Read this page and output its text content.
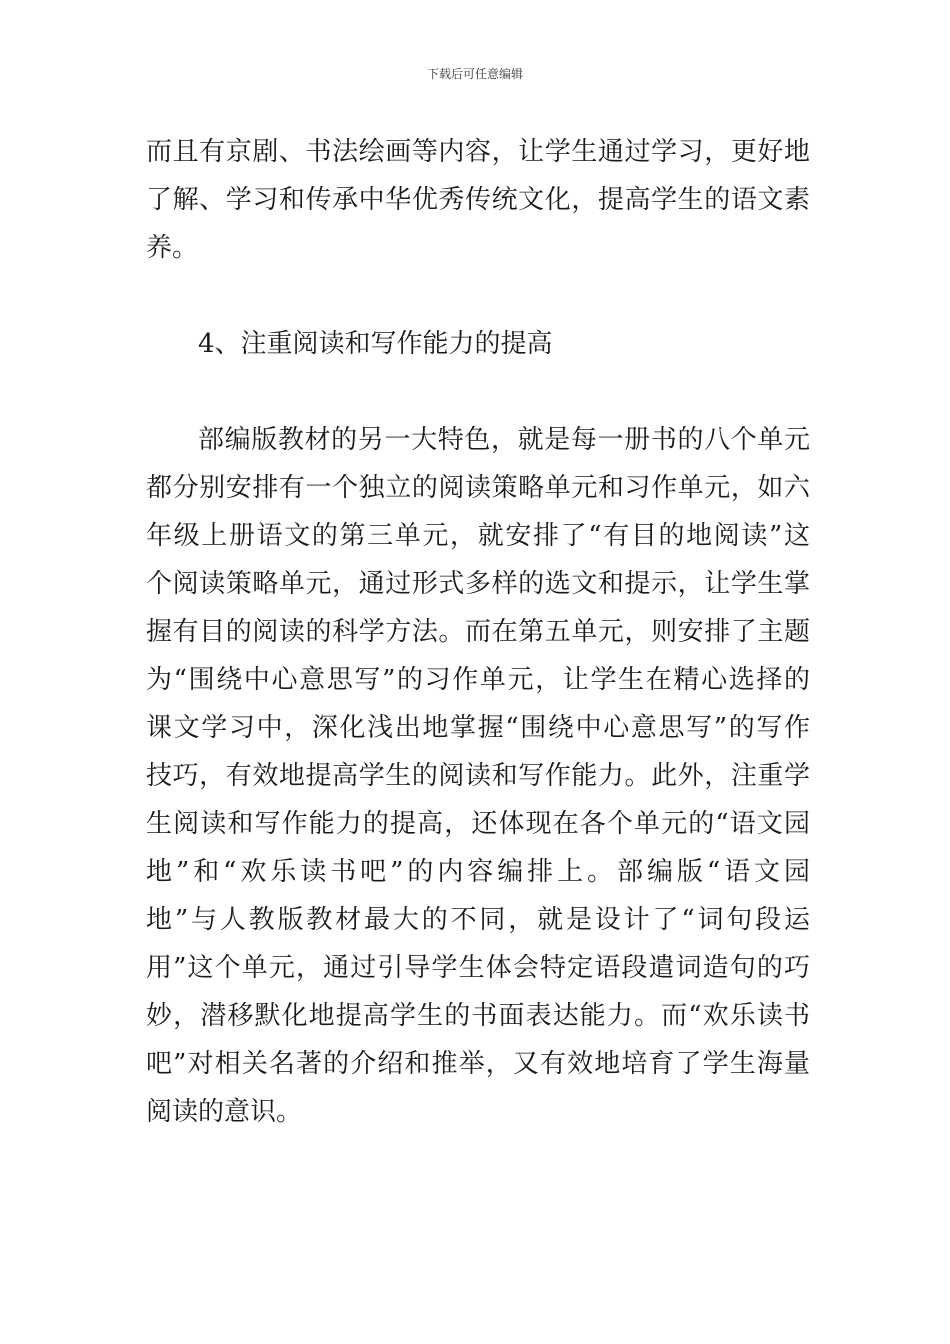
下载后可任意编辑
而且有京剧、书法绘画等内容，让学生通过学习，更好地
了解、学习和传承中华优秀传统文化，提高学生的语文素
养。
4、注重阅读和写作能力的提高
部编版教材的另一大特色，就是每一册书的八个单元
都分别安排有一个独立的阅读策略单元和习作单元，如六
年级上册语文的第三单元，就安排了“有目的地阅读”这
个阅读策略单元，通过形式多样的选文和提示，让学生掌
握有目的阅读的科学方法。而在第五单元，则安排了主题
为“围绕中心意思写”的习作单元，让学生在精心选择的
课文学习中，深化浅出地掌握“围绕中心意思写”的写作
技巧，有效地提高学生的阅读和写作能力。此外，注重学
生阅读和写作能力的提高，还体现在各个单元的“语文园
地”和“欢乐读书吧”的内容编排上。部编版“语文园
地”与人教版教材最大的不同，就是设计了“词句段运
用”这个单元，通过引导学生体会特定语段遣词造句的巧
妙，潜移默化地提高学生的书面表达能力。而“欢乐读书
吧”对相关名著的介绍和推举，又有效地培育了学生海量
阅读的意识。
